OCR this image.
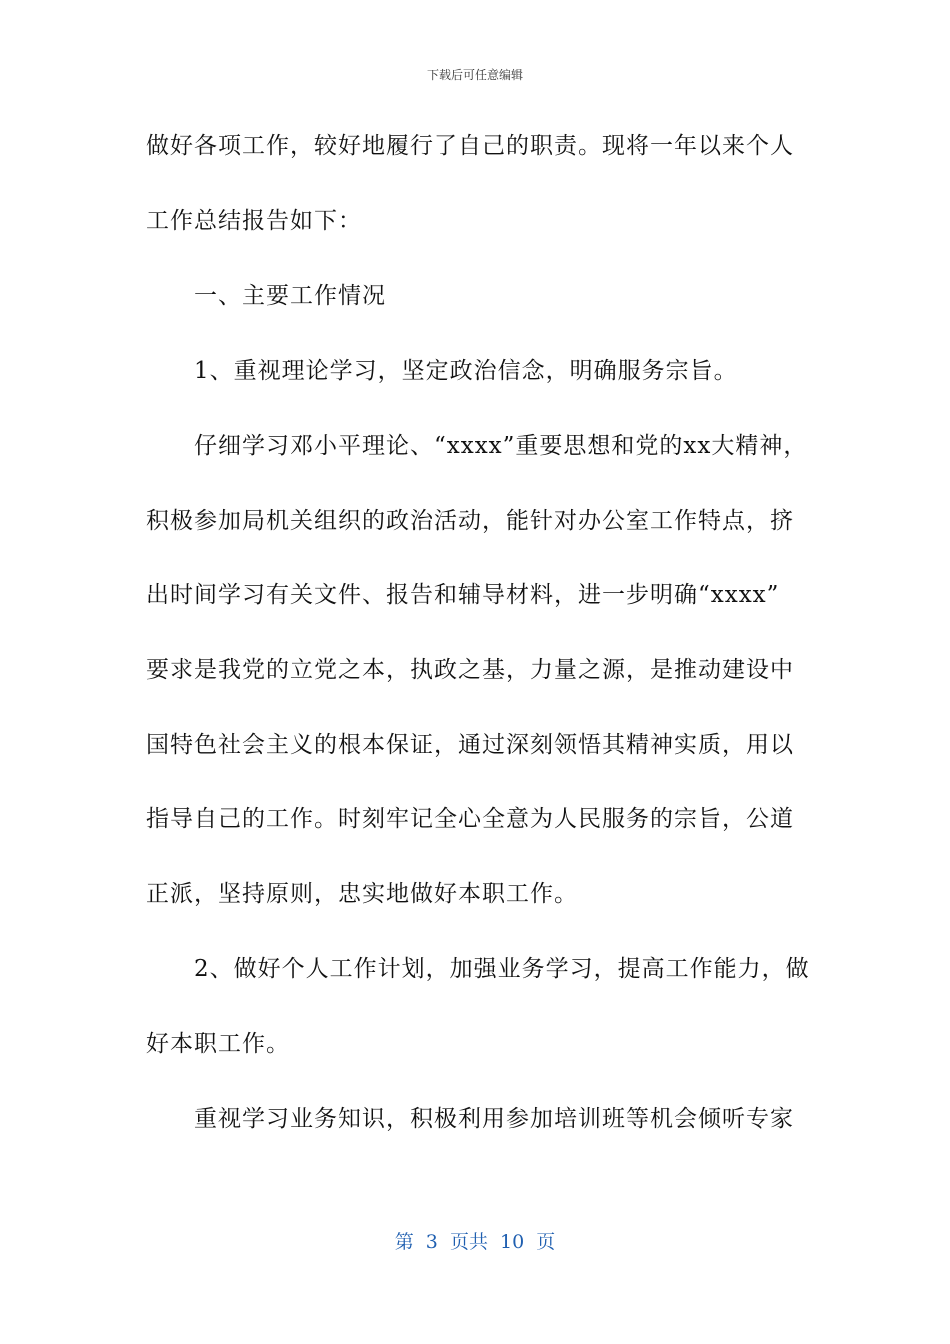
下载后可任意编辑
做好各项工作，较好地履行了自己的职责。现将一年以来个人
工作总结报告如下：
一、主要工作情况
1、重视理论学习，坚定政治信念，明确服务宗旨。
仔细学习邓小平理论、“xxxx”重要思想和党的xx大精神，
积极参加局机关组织的政治活动，能针对办公室工作特点，挤
出时间学习有关文件、报告和辅导材料，进一步明确“xxxx”
要求是我党的立党之本，执政之基，力量之源，是推动建设中
国特色社会主义的根本保证，通过深刻领悟其精神实质，用以
指导自己的工作。时刻牢记全心全意为人民服务的宗旨，公道
正派，坚持原则，忠实地做好本职工作。
2、做好个人工作计划，加强业务学习，提高工作能力，做
好本职工作。
重视学习业务知识，积极利用参加培训班等机会倾听专家
第  3  页共  10  页
